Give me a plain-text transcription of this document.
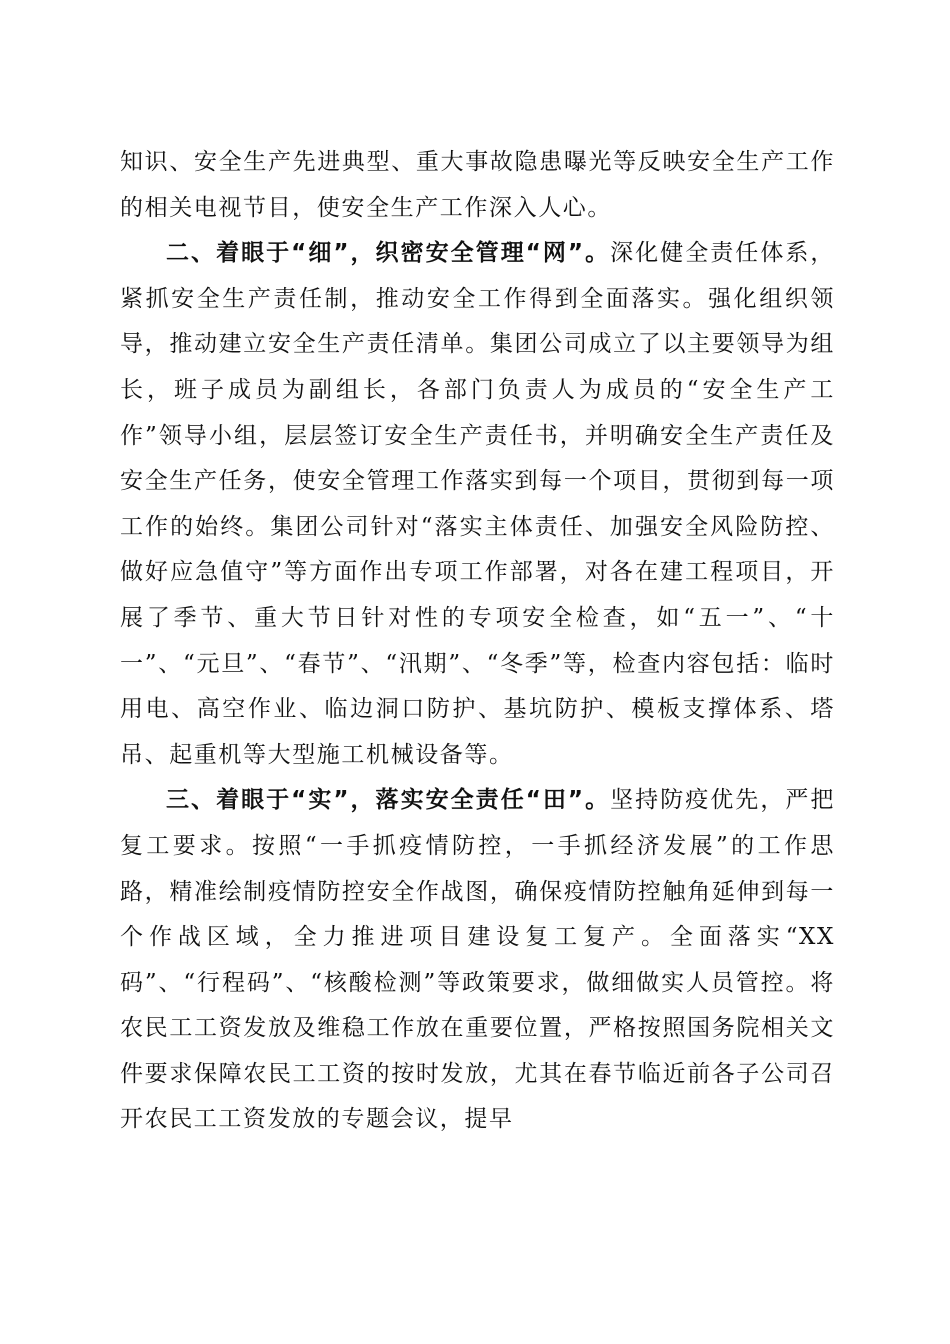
知识、安全生产先进典型、重大事故隐患曝光等反映安全生产工作的相关电视节目，使安全生产工作深入人心。

二、着眼于“细”，织密安全管理“网”。深化健全责任体系，紧抓安全生产责任制，推动安全工作得到全面落实。强化组织领导，推动建立安全生产责任清单。集团公司成立了以主要领导为组长，班子成员为副组长，各部门负责人为成员的“安全生产工作”领导小组，层层签订安全生产责任书，并明确安全生产责任及安全生产任务，使安全管理工作落实到每一个项目，贯彻到每一项工作的始终。集团公司针对“落实主体责任、加强安全风险防控、做好应急值守”等方面作出专项工作部署，对各在建工程项目，开展了季节、重大节日针对性的专项安全检查，如“五一”、“十一”、“元旦”、“春节”、“汛期”、“冬季”等，检查内容包括：临时用电、高空作业、临边洞口防护、基坑防护、模板支撑体系、塔吊、起重机等大型施工机械设备等。

三、着眼于“实”，落实安全责任“田”。坚持防疫优先，严把复工要求。按照“一手抓疫情防控，一手抓经济发展”的工作思路，精准绘制疫情防控安全作战图，确保疫情防控触角延伸到每一个作战区域，全力推进项目建设复工复产。全面落实“XX码”、“行程码”、“核酸检测”等政策要求，做细做实人员管控。将农民工工资发放及维稳工作放在重要位置，严格按照国务院相关文件要求保障农民工工资的按时发放，尤其在春节临近前各子公司召开农民工工资发放的专题会议，提早
